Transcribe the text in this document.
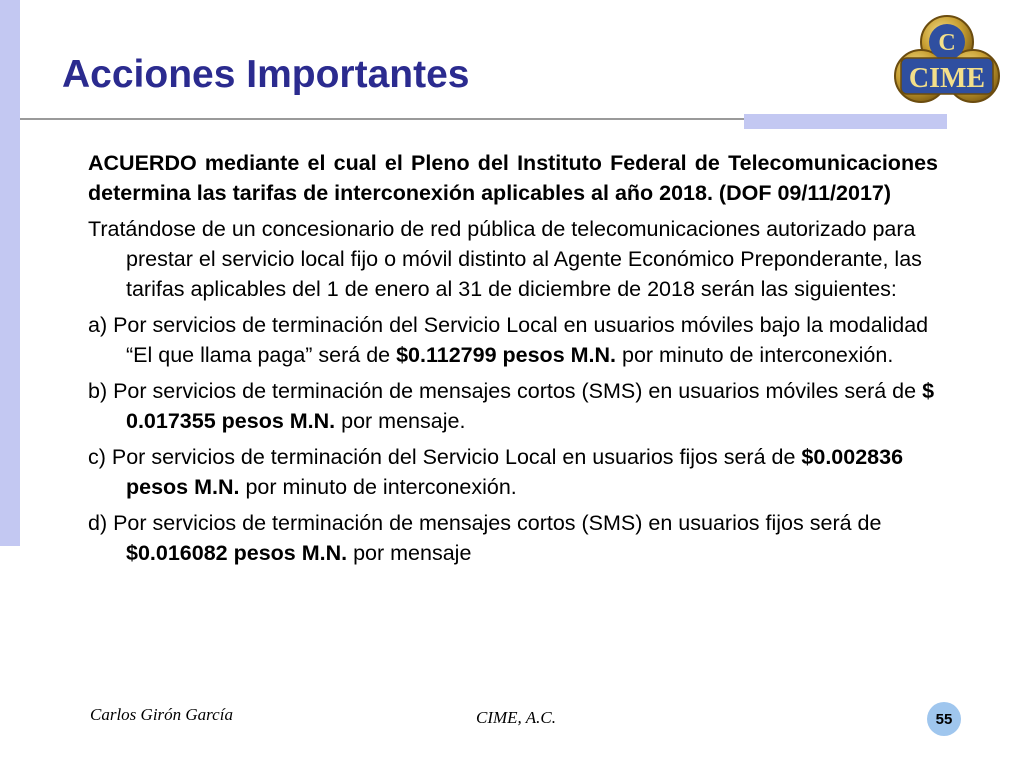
Acciones Importantes
C
CIME

ACUERDO mediante el cual el Pleno del Instituto Federal de Telecomunicaciones determina las tarifas de interconexión aplicables al año 2018. (DOF 09/11/2017)

Tratándose de un concesionario de red pública de telecomunicaciones autorizado para prestar el servicio local fijo o móvil distinto al Agente Económico Preponderante, las tarifas aplicables del 1 de enero al 31 de diciembre de 2018 serán las siguientes:

a) Por servicios de terminación del Servicio Local en usuarios móviles bajo la modalidad “El que llama paga” será de $0.112799 pesos M.N. por minuto de interconexión.

b) Por servicios de terminación de mensajes cortos (SMS) en usuarios móviles será de $ 0.017355 pesos M.N. por mensaje.

c) Por servicios de terminación del Servicio Local en usuarios fijos será de $0.002836 pesos M.N. por minuto de interconexión.

d) Por servicios de terminación de mensajes cortos (SMS) en usuarios fijos será de $0.016082 pesos M.N. por mensaje

Carlos Girón García	CIME, A.C.	55
